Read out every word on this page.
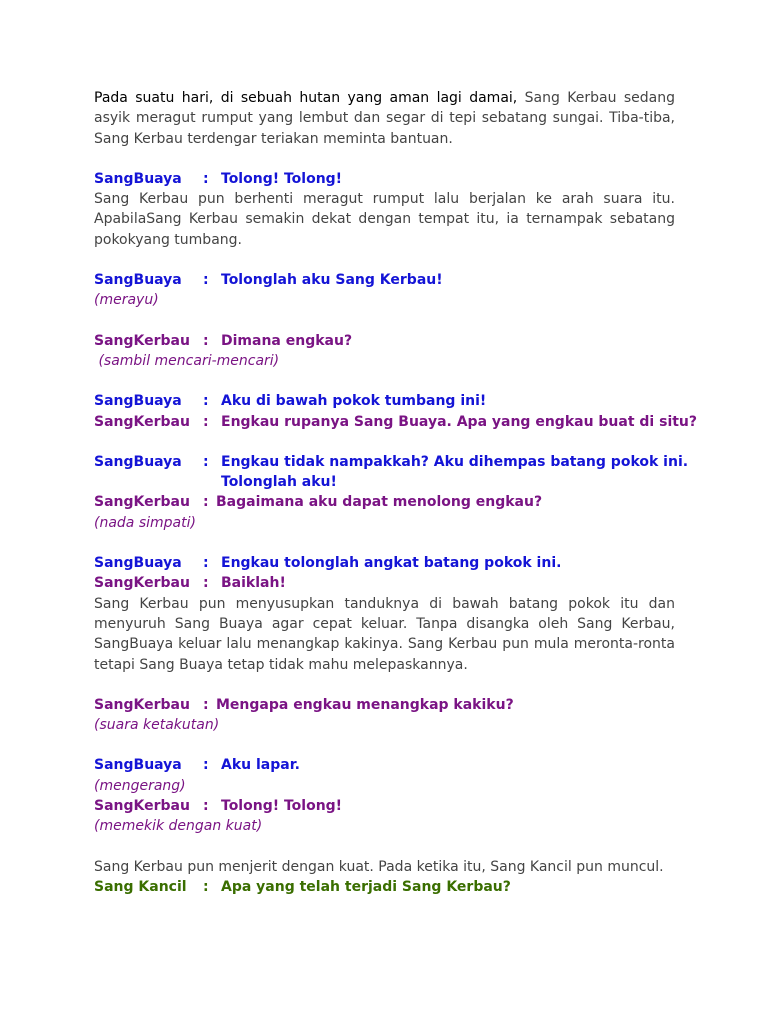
Pada suatu hari, di sebuah hutan yang aman lagi damai, Sang Kerbau sedang asyik meragut rumput yang lembut dan segar di tepi sebatang sungai. Tiba-tiba, Sang Kerbau terdengar teriakan meminta bantuan.

SangBuaya	: Tolong! Tolong!

Sang Kerbau pun berhenti meragut rumput lalu berjalan ke arah suara itu. ApabilaSang Kerbau semakin dekat dengan tempat itu, ia ternampak sebatang pokokyang tumbang.

SangBuaya	: Tolonglah aku Sang Kerbau!

(merayu)

SangKerbau : Dimana engkau?

(sambil mencari-mencari)

SangBuaya	: Aku di bawah pokok tumbang ini!
SangKerbau : Engkau rupanya Sang Buaya. Apa yang engkau buat di situ?
SangBuaya	: Engkau tidak nampakkah? Aku dihempas batang pokok ini.
Tolonglah aku!
SangKerbau : Bagaimana aku dapat menolong engkau?

(nada simpati)

SangBuaya	: Engkau tolonglah angkat batang pokok ini.
SangKerbau : Baiklah!

Sang Kerbau pun menyusupkan tanduknya di bawah batang pokok itu dan menyuruh Sang Buaya agar cepat keluar. Tanpa disangka oleh Sang Kerbau, SangBuaya keluar lalu menangkap kakinya. Sang Kerbau pun mula meronta-ronta tetapi Sang Buaya tetap tidak mahu melepaskannya.

SangKerbau : Mengapa engkau menangkap kakiku?

(suara ketakutan)

SangBuaya	: Aku lapar.

(mengerang)

SangKerbau : Tolong! Tolong!

(memekik dengan kuat)

Sang Kerbau pun menjerit dengan kuat. Pada ketika itu, Sang Kancil pun muncul.

Sang Kancil	: Apa yang telah terjadi Sang Kerbau?
